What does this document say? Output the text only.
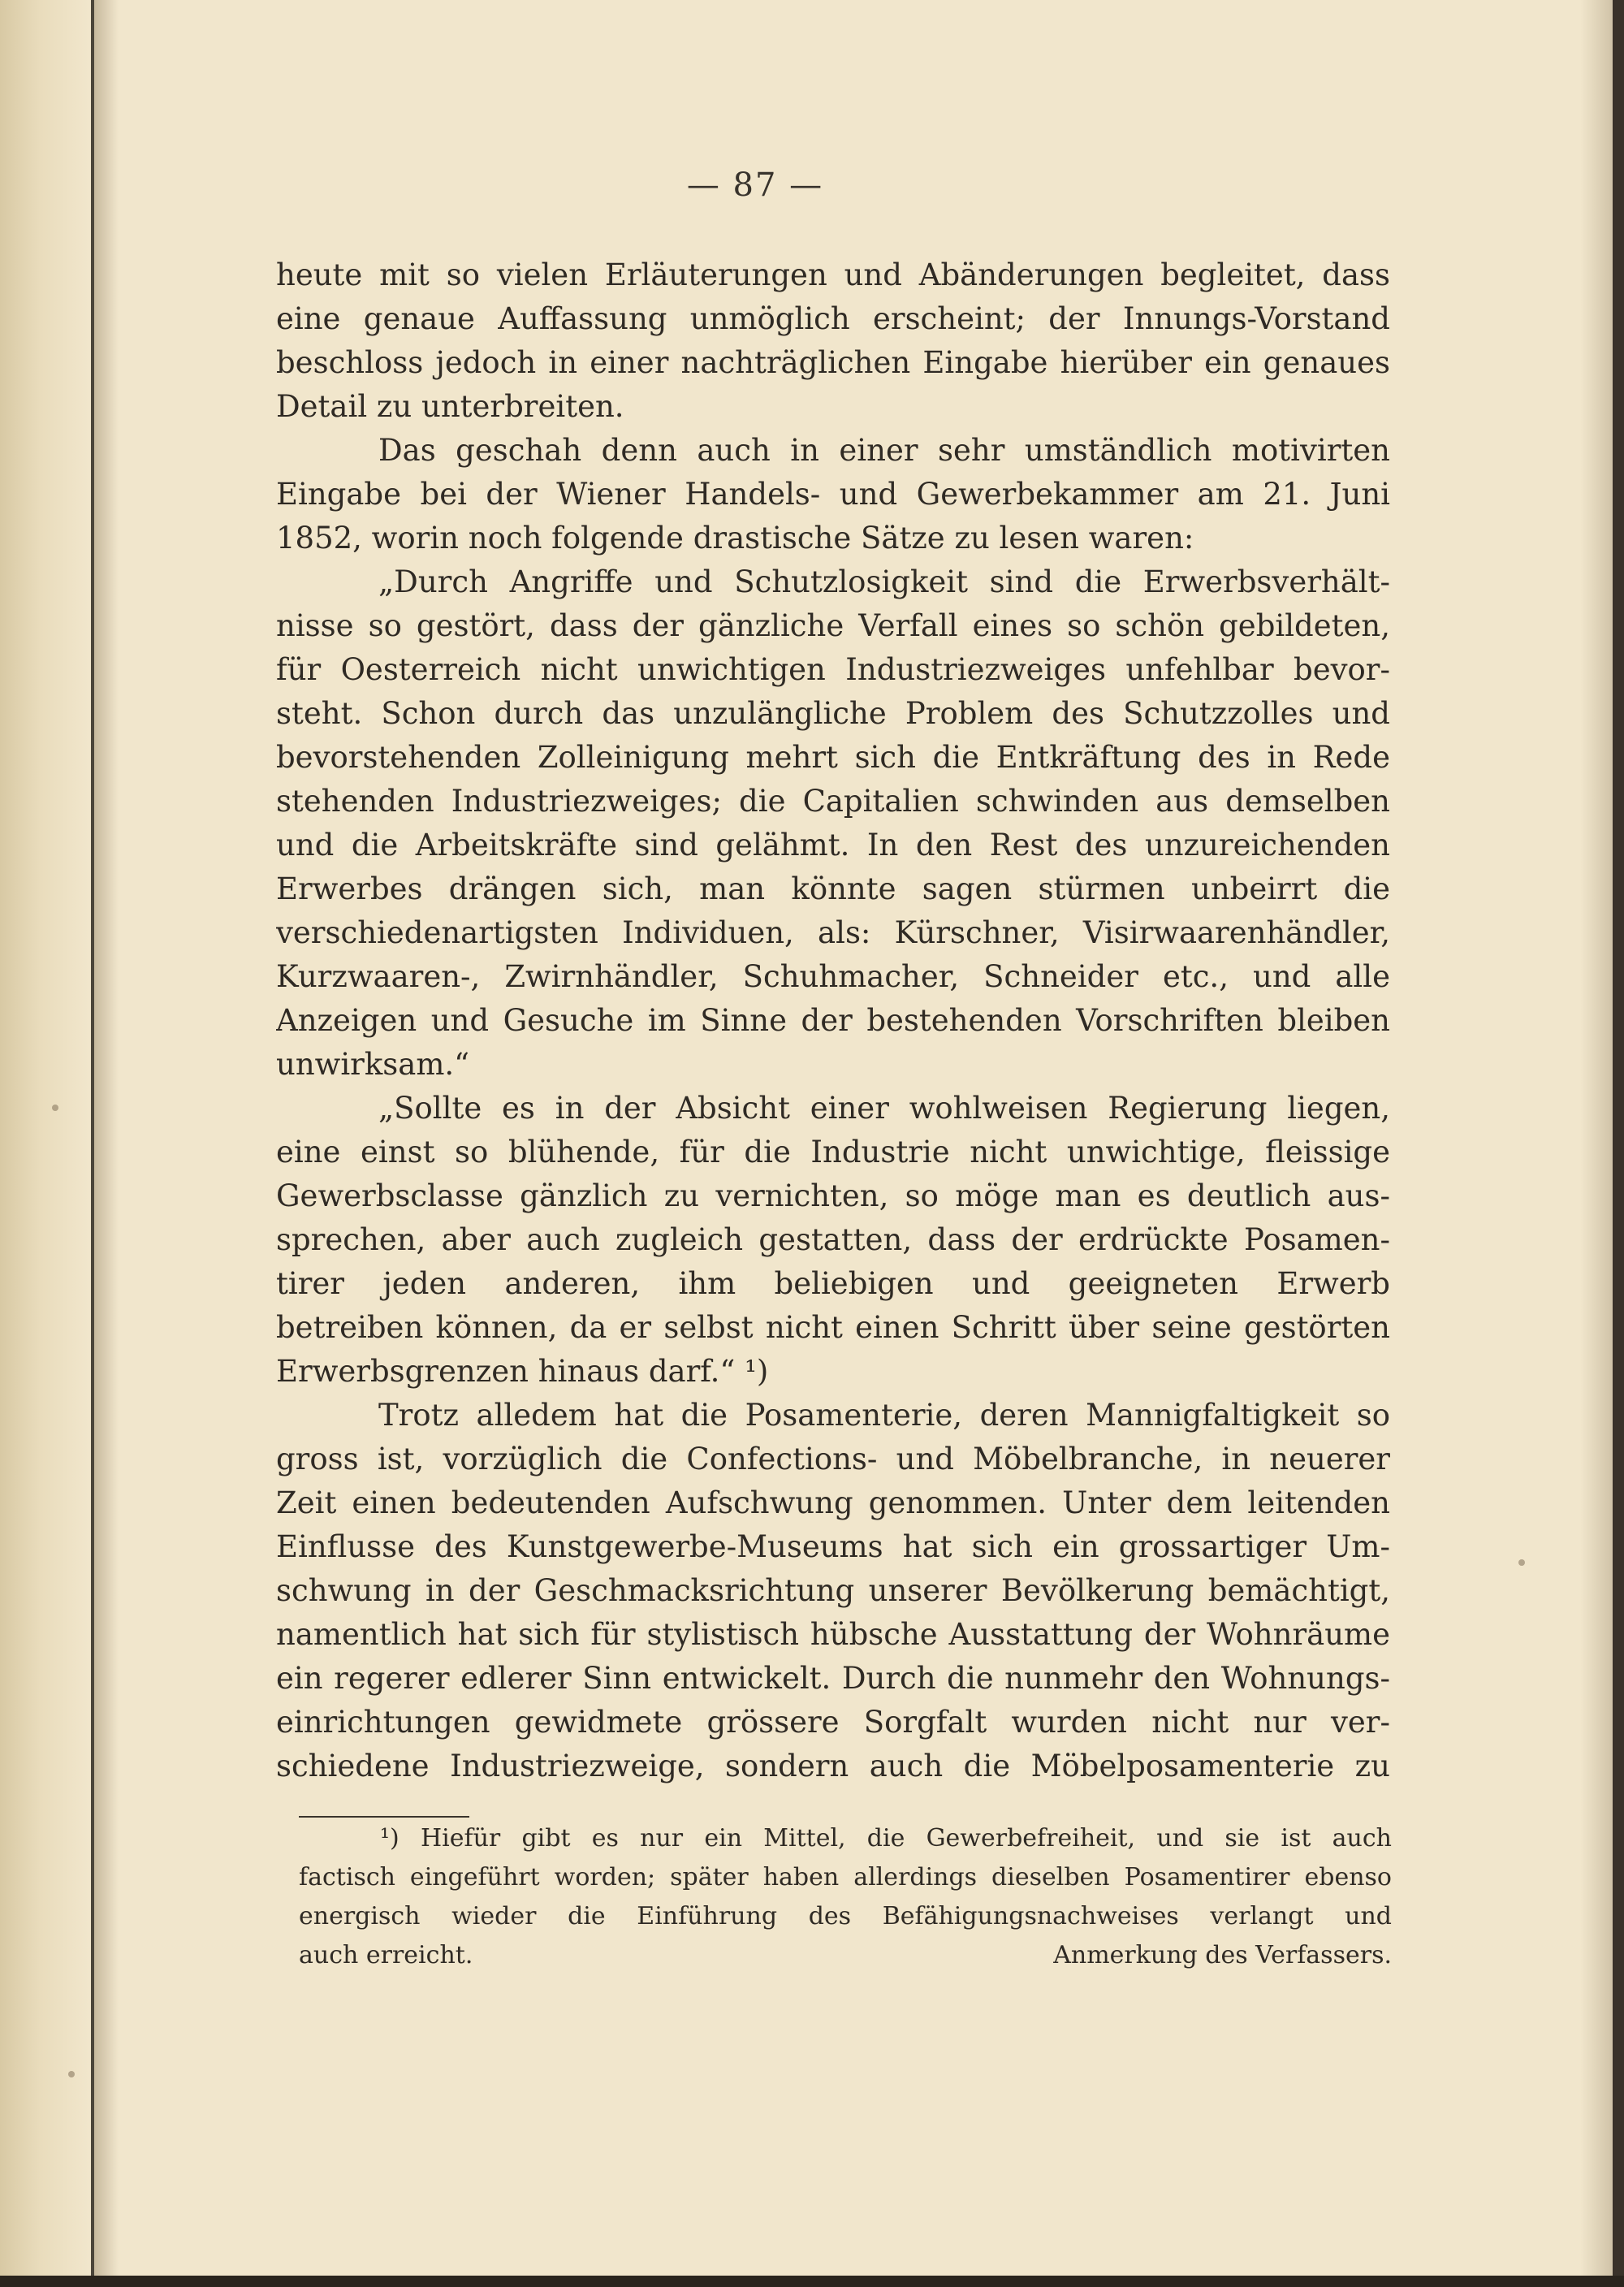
— 87 —
heute mit so vielen Erläuterungen und Abänderungen begleitet, dass
eine genaue Auffassung unmöglich erscheint; der Innungs-Vorstand
beschloss jedoch in einer nachträglichen Eingabe hierüber ein genaues
Detail zu unterbreiten.
Das geschah denn auch in einer sehr umständlich motivirten
Eingabe bei der Wiener Handels- und Gewerbekammer am 21. Juni
1852, worin noch folgende drastische Sätze zu lesen waren:
„Durch Angriffe und Schutzlosigkeit sind die Erwerbsverhält-
nisse so gestört, dass der gänzliche Verfall eines so schön gebildeten,
für Oesterreich nicht unwichtigen Industriezweiges unfehlbar bevor-
steht. Schon durch das unzulängliche Problem des Schutzzolles und
bevorstehenden Zolleinigung mehrt sich die Entkräftung des in Rede
stehenden Industriezweiges; die Capitalien schwinden aus demselben
und die Arbeitskräfte sind gelähmt. In den Rest des unzureichenden
Erwerbes drängen sich, man könnte sagen stürmen unbeirrt die
verschiedenartigsten Individuen, als: Kürschner, Visirwaarenhändler,
Kurzwaaren-, Zwirnhändler, Schuhmacher, Schneider etc., und alle
Anzeigen und Gesuche im Sinne der bestehenden Vorschriften bleiben
unwirksam.“
„Sollte es in der Absicht einer wohlweisen Regierung liegen,
eine einst so blühende, für die Industrie nicht unwichtige, fleissige
Gewerbsclasse gänzlich zu vernichten, so möge man es deutlich aus-
sprechen, aber auch zugleich gestatten, dass der erdrückte Posamen-
tirer jeden anderen, ihm beliebigen und geeigneten Erwerb
betreiben können, da er selbst nicht einen Schritt über seine gestörten
Erwerbsgrenzen hinaus darf.“ ¹)
Trotz alledem hat die Posamenterie, deren Mannigfaltigkeit so
gross ist, vorzüglich die Confections- und Möbelbranche, in neuerer
Zeit einen bedeutenden Aufschwung genommen. Unter dem leitenden
Einflusse des Kunstgewerbe-Museums hat sich ein grossartiger Um-
schwung in der Geschmacksrichtung unserer Bevölkerung bemächtigt,
namentlich hat sich für stylistisch hübsche Ausstattung der Wohnräume
ein regerer edlerer Sinn entwickelt. Durch die nunmehr den Wohnungs-
einrichtungen gewidmete grössere Sorgfalt wurden nicht nur ver-
schiedene Industriezweige, sondern auch die Möbelposamenterie zu
¹) Hiefür gibt es nur ein Mittel, die Gewerbefreiheit, und sie ist auch
factisch eingeführt worden; später haben allerdings dieselben Posamentirer ebenso
energisch wieder die Einführung des Befähigungsnachweises verlangt und
auch erreicht.	Anmerkung des Verfassers.
